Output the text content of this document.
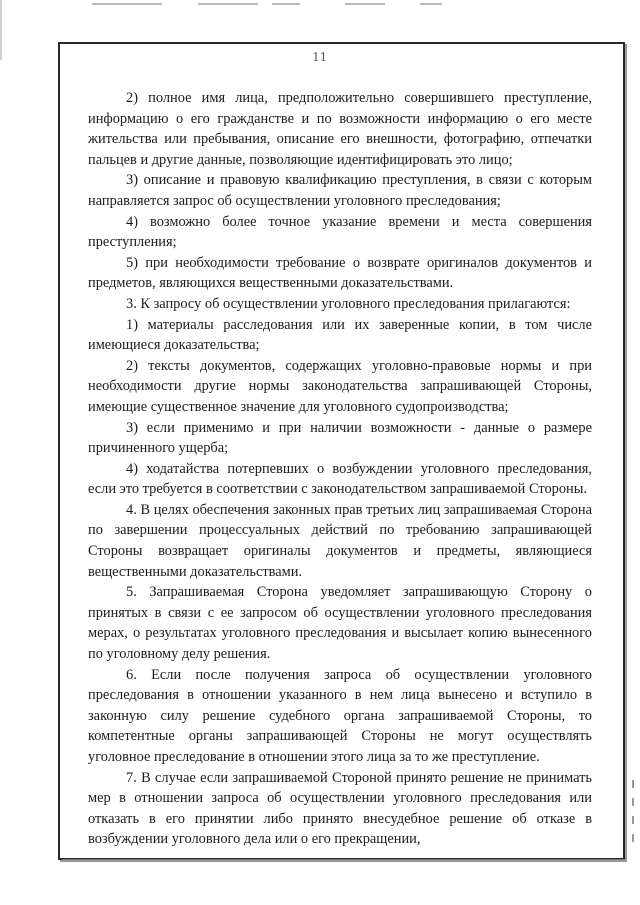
11

2) полное имя лица, предположительно совершившего преступление, информацию о его гражданстве и по возможности информацию о его месте жительства или пребывания, описание его внешности, фотографию, отпечатки пальцев и другие данные, позволяющие идентифицировать это лицо;

3) описание и правовую квалификацию преступления, в связи с которым направляется запрос об осуществлении уголовного преследования;

4) возможно более точное указание времени и места совершения преступления;

5) при необходимости требование о возврате оригиналов документов и предметов, являющихся вещественными доказательствами.

3. К запросу об осуществлении уголовного преследования прилагаются:

1) материалы расследования или их заверенные копии, в том числе имеющиеся доказательства;

2) тексты документов, содержащих уголовно-правовые нормы и при необходимости другие нормы законодательства запрашивающей Стороны, имеющие существенное значение для уголовного судопроизводства;

3) если применимо и при наличии возможности - данные о размере причиненного ущерба;

4) ходатайства потерпевших о возбуждении уголовного преследования, если это требуется в соответствии с законодательством запрашиваемой Стороны.

4. В целях обеспечения законных прав третьих лиц запрашиваемая Сторона по завершении процессуальных действий по требованию запрашивающей Стороны возвращает оригиналы документов и предметы, являющиеся вещественными доказательствами.

5. Запрашиваемая Сторона уведомляет запрашивающую Сторону о принятых в связи с ее запросом об осуществлении уголовного преследования мерах, о результатах уголовного преследования и высылает копию вынесенного по уголовному делу решения.

6. Если после получения запроса об осуществлении уголовного преследования в отношении указанного в нем лица вынесено и вступило в законную силу решение судебного органа запрашиваемой Стороны, то компетентные органы запрашивающей Стороны не могут осуществлять уголовное преследование в отношении этого лица за то же преступление.

7. В случае если запрашиваемой Стороной принято решение не принимать мер в отношении запроса об осуществлении уголовного преследования или отказать в его принятии либо принято внесудебное решение об отказе в возбуждении уголовного дела или о его прекращении,
